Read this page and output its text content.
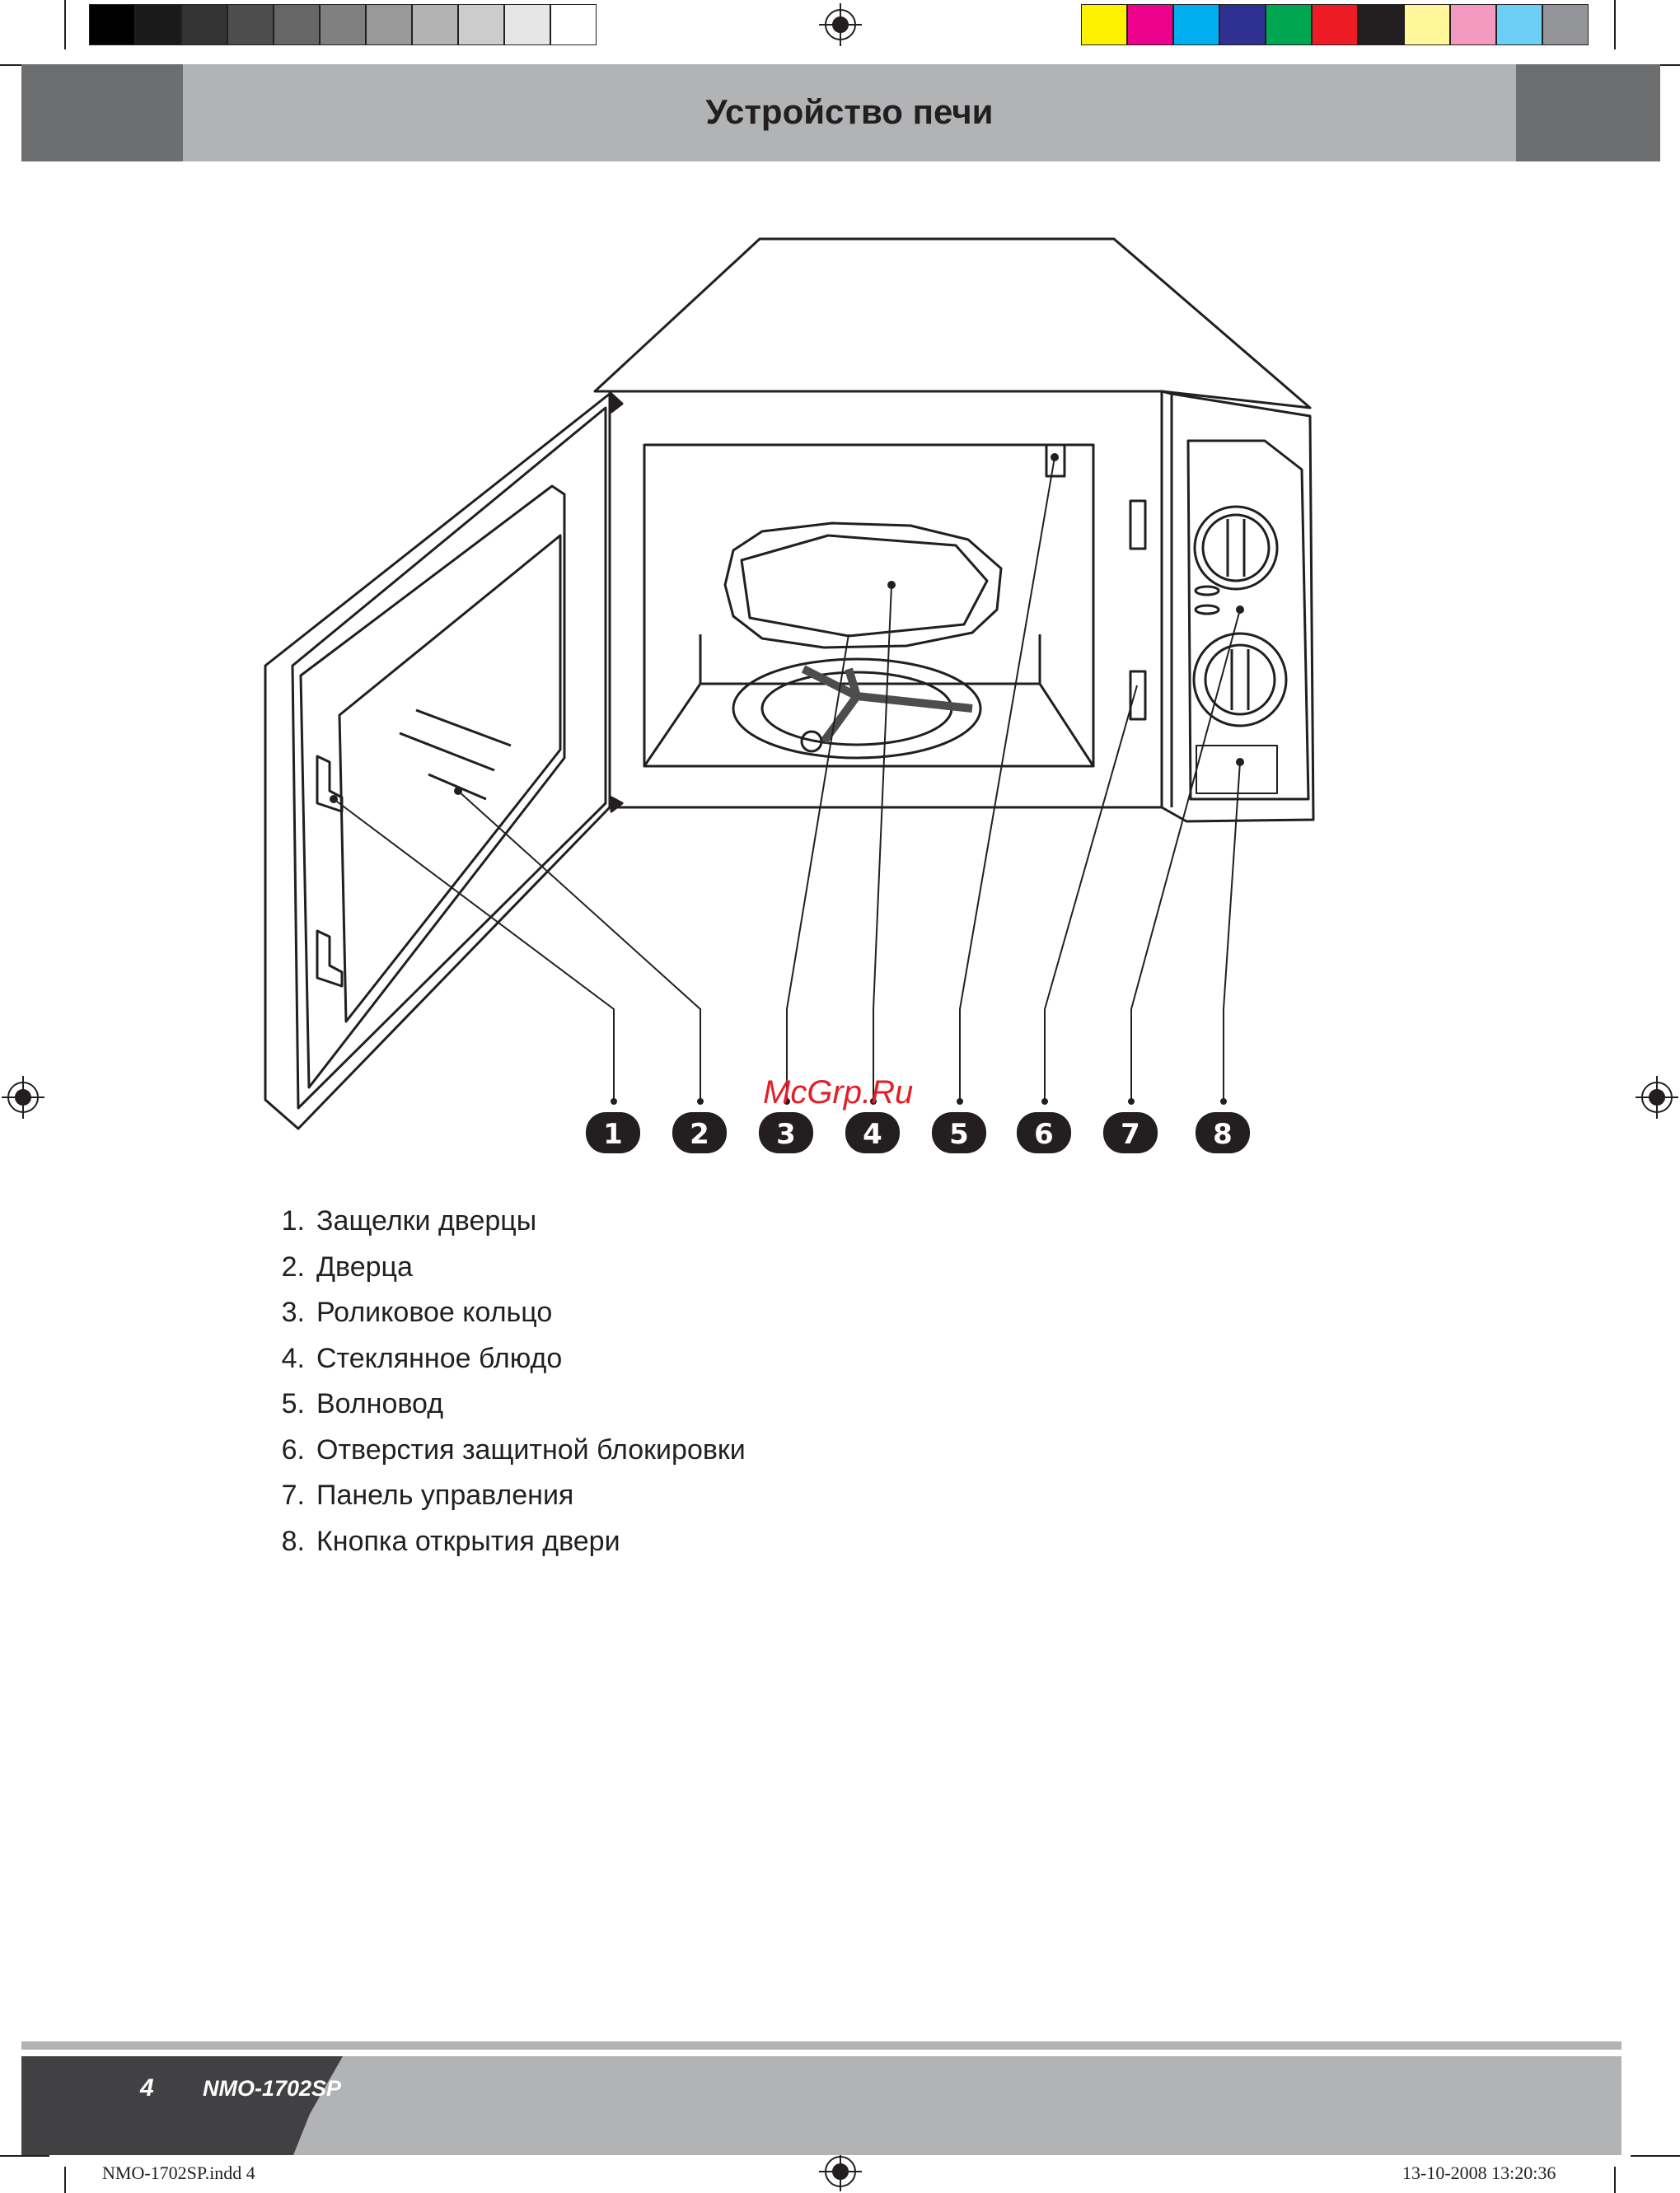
Устройство печи
1 2 3 4 5 6 7	8
McGrp.Ru
1. Защелки дверцы
2. Дверца
3. Роликовое кольцо
4. Стеклянное блюдо
5. Волновод
6. Отверстия защитной блокировки
7. Панель управления
8. Кнопка открытия двери
4 NMO-1702SP
NMO-1702SP.indd 4	13-10-2008 13:20:36
